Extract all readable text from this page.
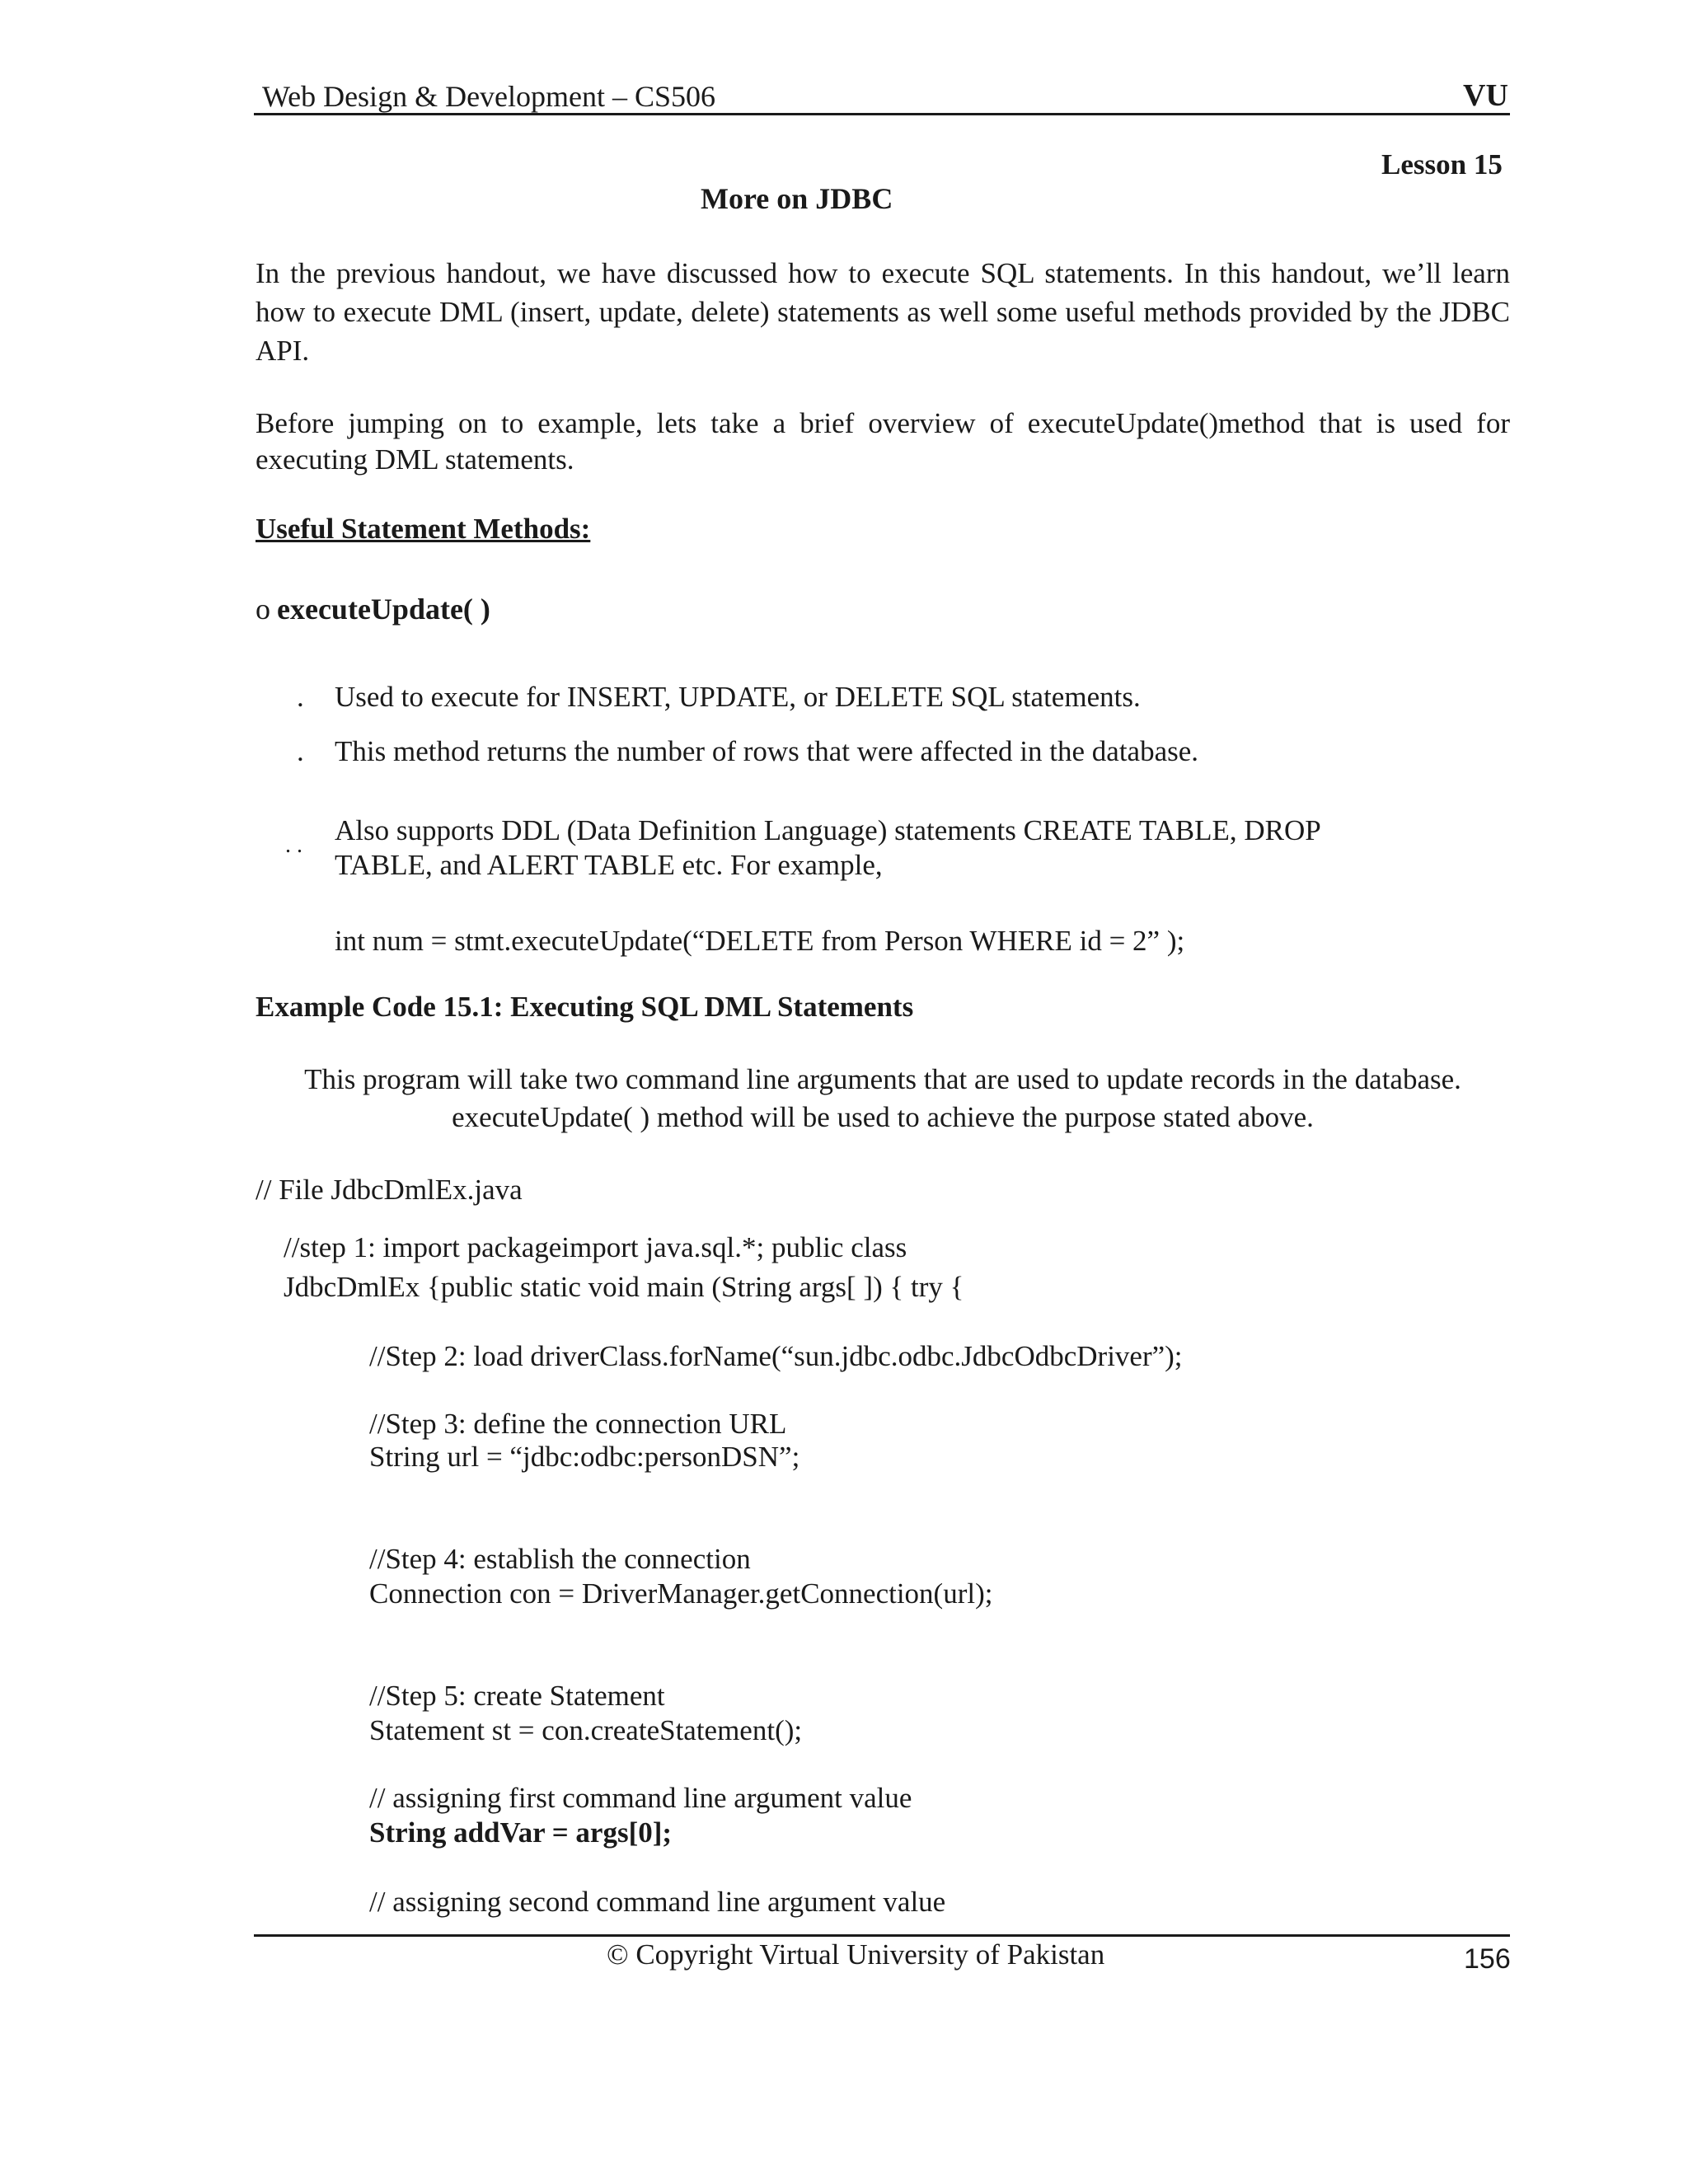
Web Design & Development – CS506	VU
Lesson 15
More on JDBC
In the previous handout, we have discussed how to execute SQL statements. In this handout, we’ll learn how to execute DML (insert, update, delete) statements as well some useful methods provided by the JDBC API.
Before jumping on to example, lets take a brief overview of executeUpdate()method that is used for
executing DML statements.
Useful Statement Methods:
o executeUpdate( )
. Used to execute for INSERT, UPDATE, or DELETE SQL statements.
. This method returns the number of rows that were affected in the database.
. . Also supports DDL (Data Definition Language) statements CREATE TABLE, DROP
TABLE, and ALERT TABLE etc. For example,
int num = stmt.executeUpdate(“DELETE from Person WHERE id = 2” );
Example Code 15.1: Executing SQL DML Statements
This program will take two command line arguments that are used to update records in the database.
executeUpdate( ) method will be used to achieve the purpose stated above.
// File JdbcDmlEx.java
//step 1: import packageimport java.sql.*; public class
JdbcDmlEx {public static void main (String args[ ]) { try {
//Step 2: load driverClass.forName(“sun.jdbc.odbc.JdbcOdbcDriver”);
//Step 3: define the connection URL
String url = “jdbc:odbc:personDSN”;
//Step 4: establish the connection
Connection con = DriverManager.getConnection(url);
//Step 5: create Statement
Statement st = con.createStatement();
// assigning first command line argument value
String addVar = args[0];
// assigning second command line argument value
© Copyright Virtual University of Pakistan	156
